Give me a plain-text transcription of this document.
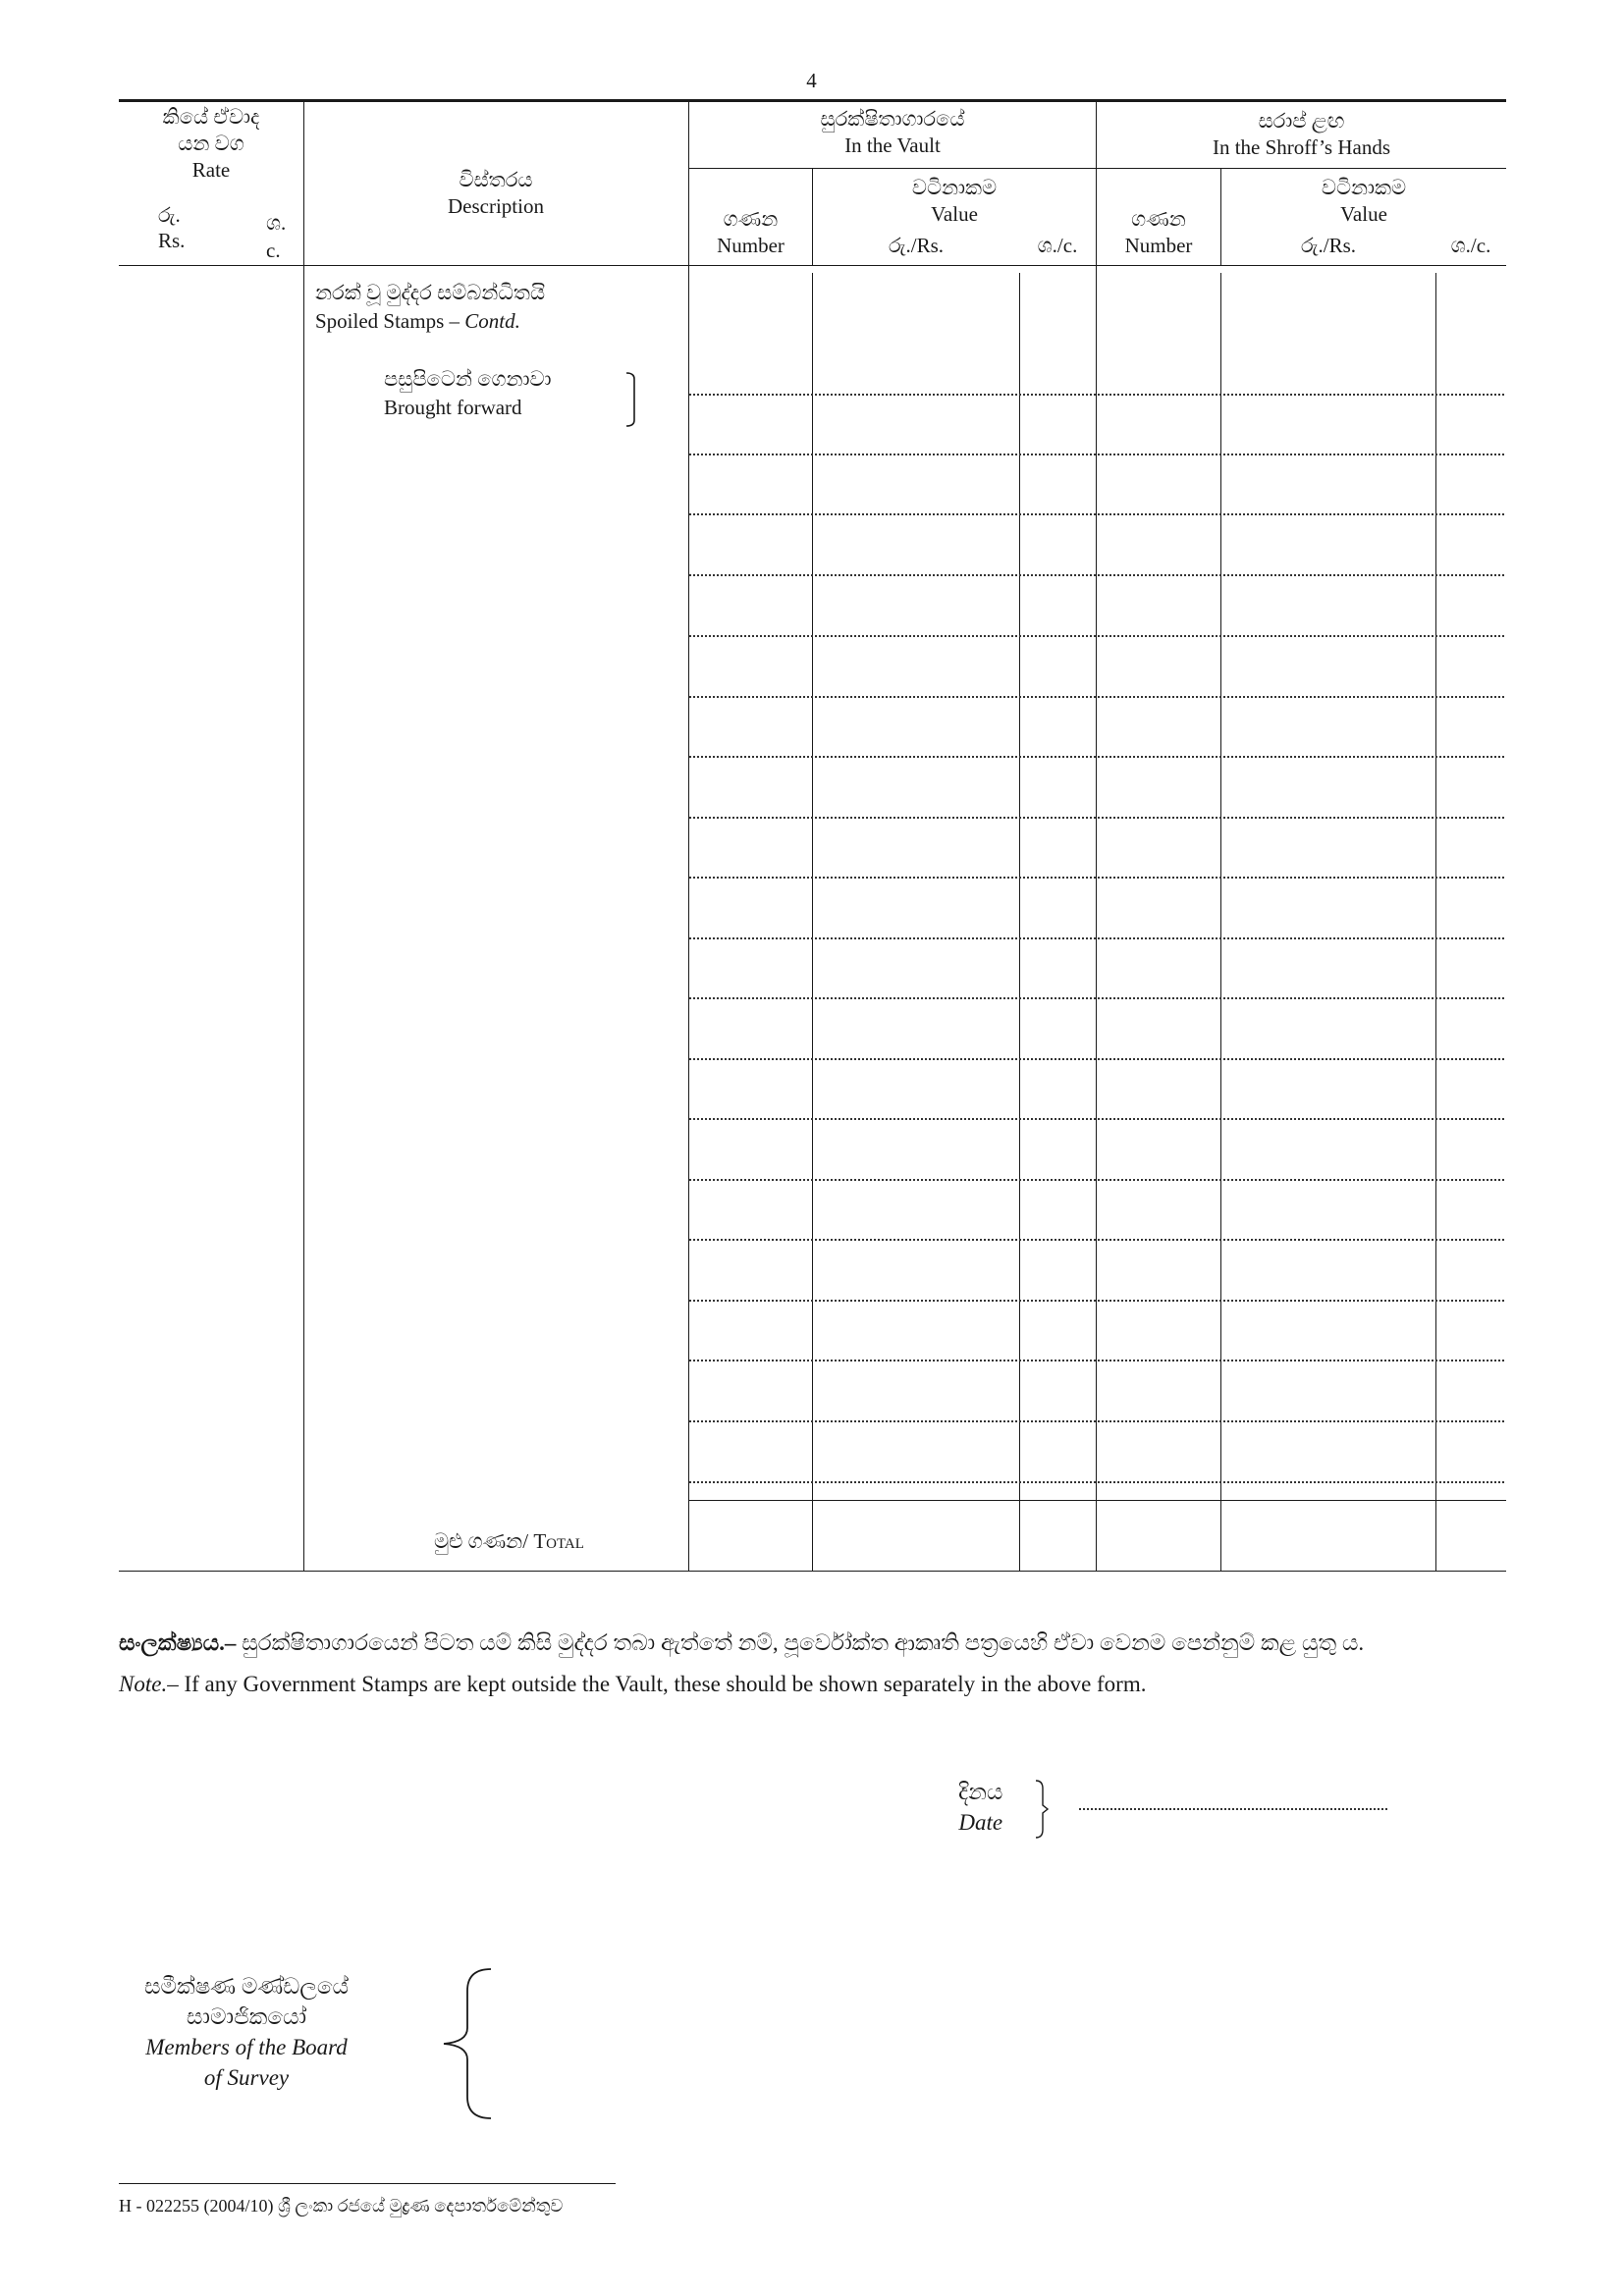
4
කියේ ඒවාද
යන වග
Rate
රු.
Rs.
ශ.
c.
විස්තරය
Description
සුරක්ෂිතාගාරයේ
In the Vault
ගණන
Number
වටිනාකම
Value
රු./Rs.	ශ./c.
සරාප් ළඟ
In the Shroff’s Hands
ගණන
Number
වටිනාකම
Value
රු./Rs.	ශ./c.
නරක් වූ මුද්දර සම්බන්ධිතයි
Spoiled Stamps – Contd.
පසුපිටෙන් ගෙනාවා
Brought forward
මුළු ගණන/ Total
සංලක්ෂ්‍යය.– සුරක්ෂිතාගාරයෙන් පිටත යම් කිසි මුද්දර තබා ඇත්තේ නම්, පූර්වෝක්ත ආකෘති පත්‍රයෙහි ඒවා වෙනම පෙන්නුම් කළ යුතු ය.
Note.– If any Government Stamps are kept outside the Vault, these should be shown separately in the above form.
දිනය
Date
සමීක්ෂණ මණ්ඩලයේ
සාමාජිකයෝ
Members of the Board
of Survey
H - 022255 (2004/10) ශ්‍රී ලංකා රජයේ මුද්‍රණ දෙපාර්තමේන්තුව
